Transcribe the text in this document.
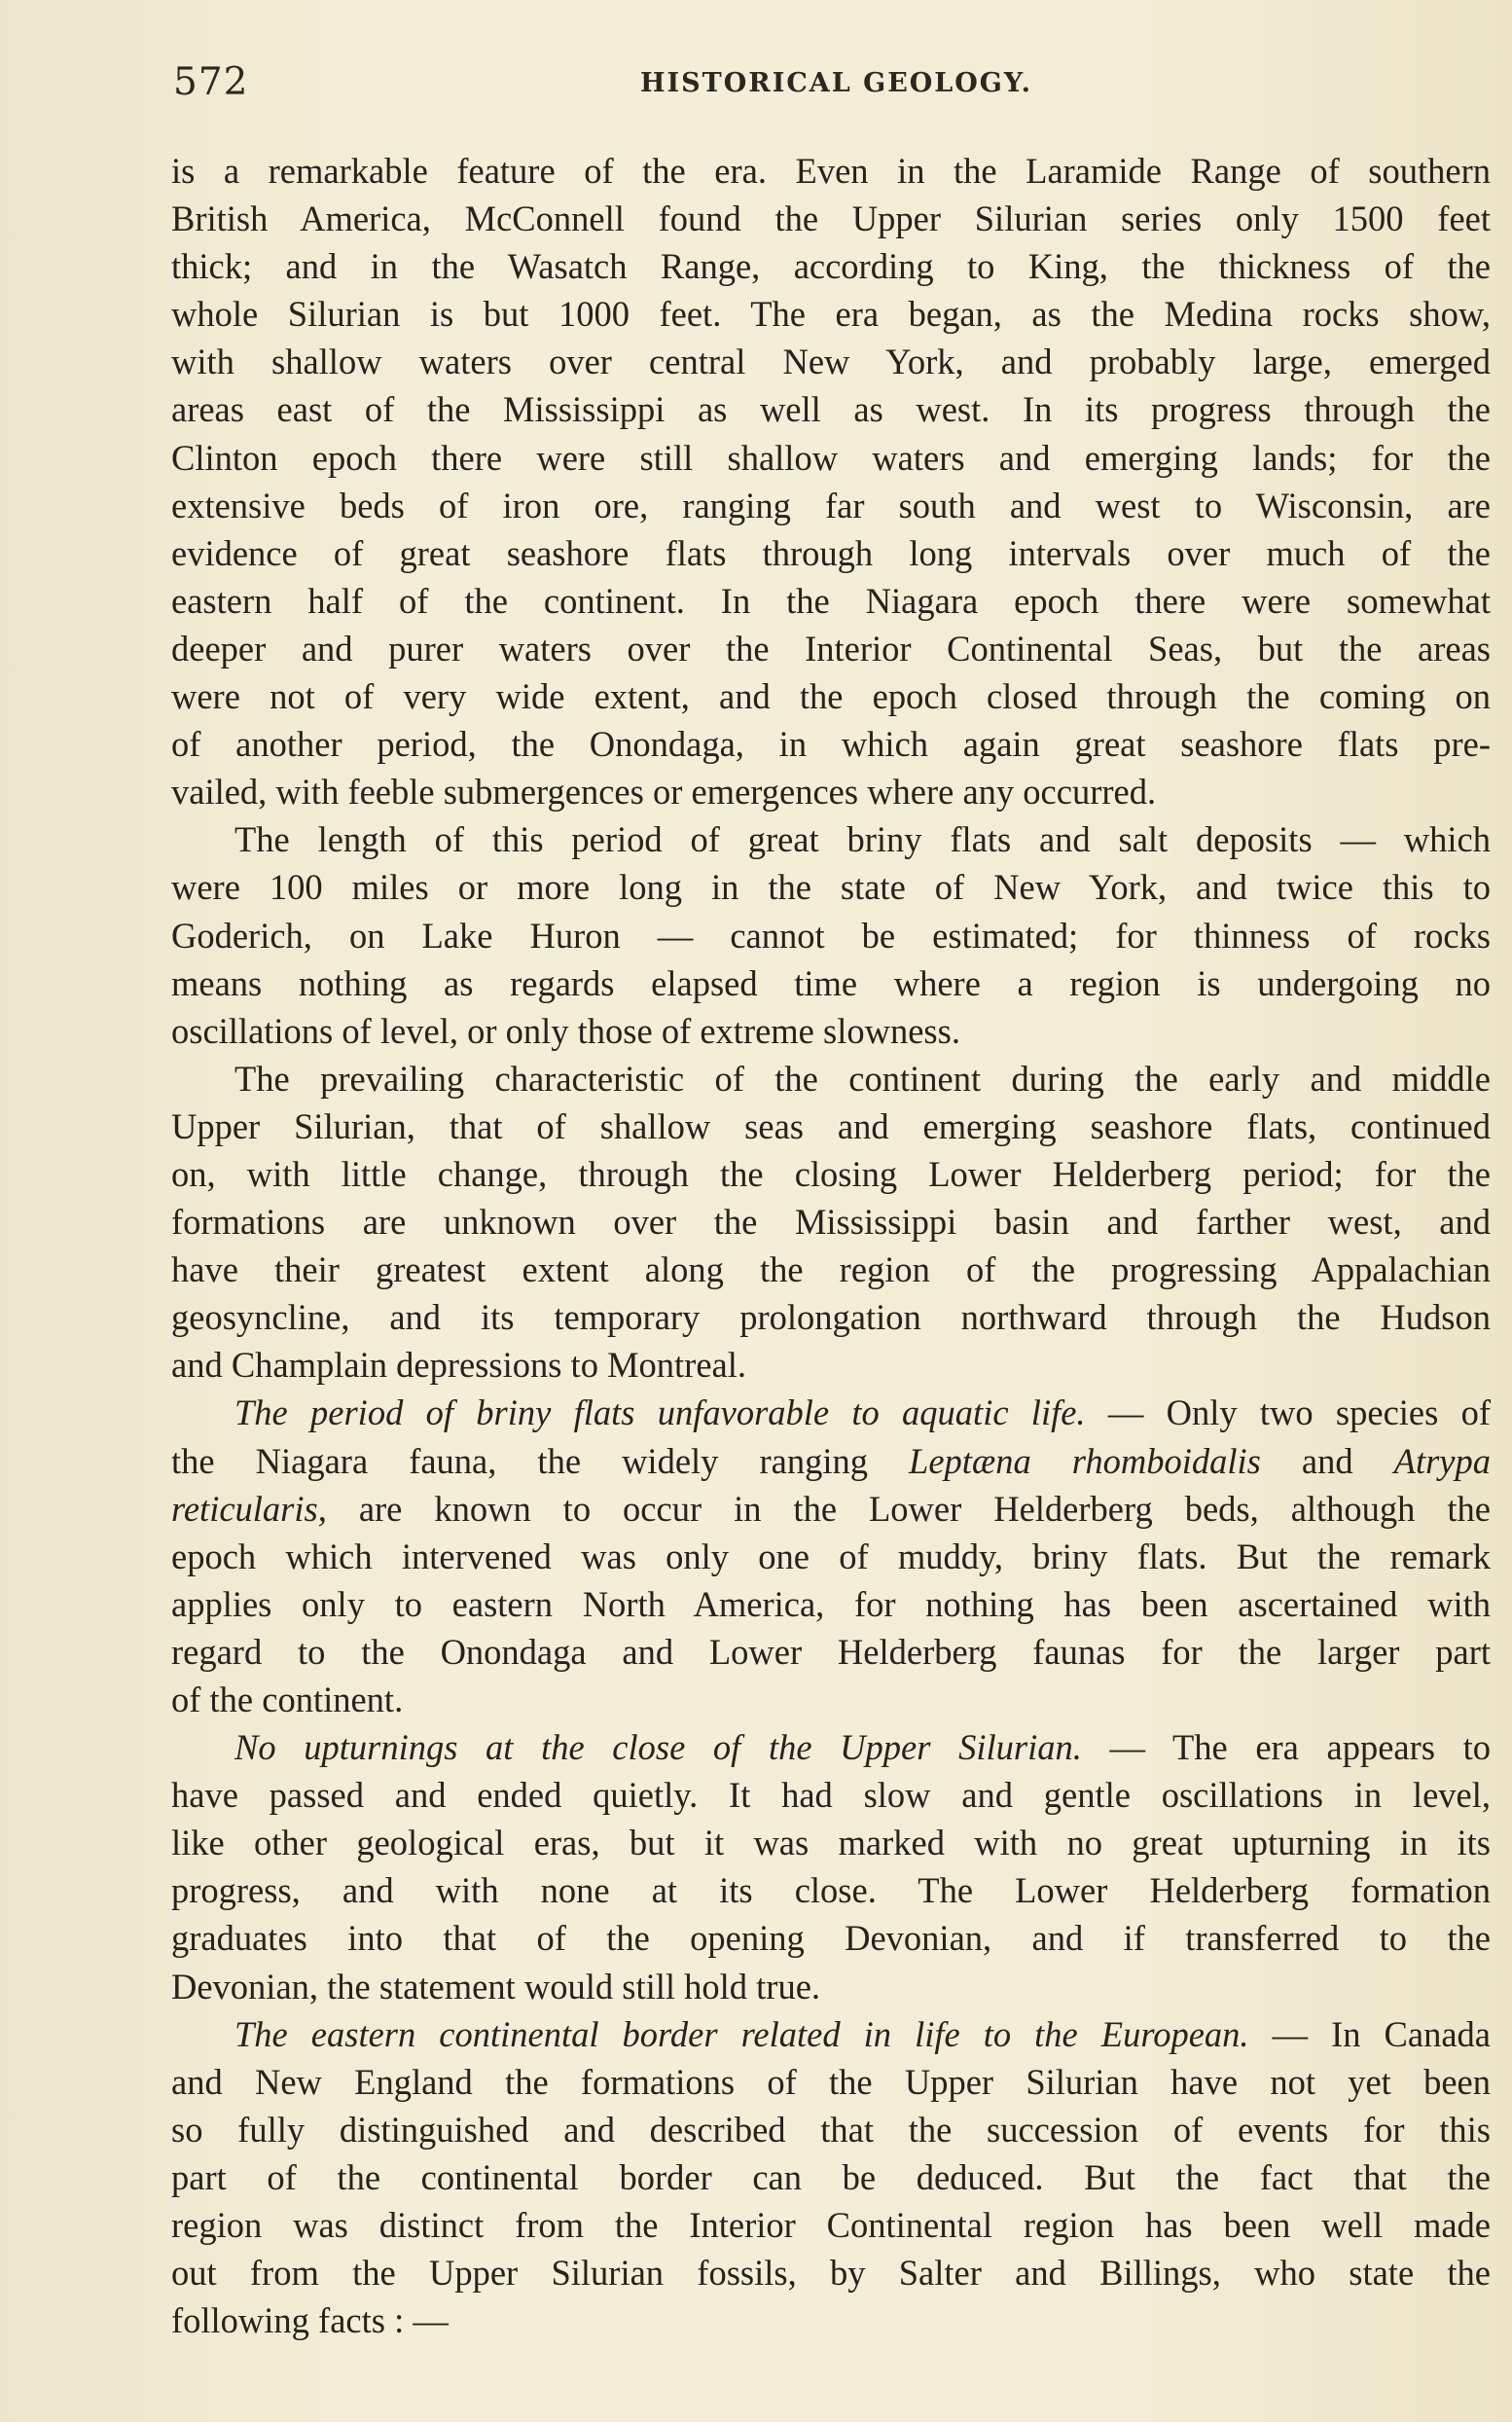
572	HISTORICAL GEOLOGY.

is a remarkable feature of the era. Even in the Laramide Range of southern
British America, McConnell found the Upper Silurian series only 1500 feet
thick; and in the Wasatch Range, according to King, the thickness of the
whole Silurian is but 1000 feet. The era began, as the Medina rocks show,
with shallow waters over central New York, and probably large, emerged
areas east of the Mississippi as well as west. In its progress through the
Clinton epoch there were still shallow waters and emerging lands; for the
extensive beds of iron ore, ranging far south and west to Wisconsin, are
evidence of great seashore flats through long intervals over much of the
eastern half of the continent. In the Niagara epoch there were somewhat
deeper and purer waters over the Interior Continental Seas, but the areas
were not of very wide extent, and the epoch closed through the coming on
of another period, the Onondaga, in which again great seashore flats pre-
vailed, with feeble submergences or emergences where any occurred.

The length of this period of great briny flats and salt deposits — which
were 100 miles or more long in the state of New York, and twice this to
Goderich, on Lake Huron — cannot be estimated; for thinness of rocks
means nothing as regards elapsed time where a region is undergoing no
oscillations of level, or only those of extreme slowness.

The prevailing characteristic of the continent during the early and middle
Upper Silurian, that of shallow seas and emerging seashore flats, continued
on, with little change, through the closing Lower Helderberg period; for the
formations are unknown over the Mississippi basin and farther west, and
have their greatest extent along the region of the progressing Appalachian
geosyncline, and its temporary prolongation northward through the Hudson
and Champlain depressions to Montreal.

The period of briny flats unfavorable to aquatic life. — Only two species of
the Niagara fauna, the widely ranging Leptæna rhomboidalis and Atrypa
reticularis, are known to occur in the Lower Helderberg beds, although the
epoch which intervened was only one of muddy, briny flats. But the remark
applies only to eastern North America, for nothing has been ascertained with
regard to the Onondaga and Lower Helderberg faunas for the larger part
of the continent.

No upturnings at the close of the Upper Silurian. — The era appears to
have passed and ended quietly. It had slow and gentle oscillations in level,
like other geological eras, but it was marked with no great upturning in its
progress, and with none at its close. The Lower Helderberg formation
graduates into that of the opening Devonian, and if transferred to the
Devonian, the statement would still hold true.

The eastern continental border related in life to the European. — In Canada
and New England the formations of the Upper Silurian have not yet been
so fully distinguished and described that the succession of events for this
part of the continental border can be deduced. But the fact that the
region was distinct from the Interior Continental region has been well made
out from the Upper Silurian fossils, by Salter and Billings, who state the
following facts : —
